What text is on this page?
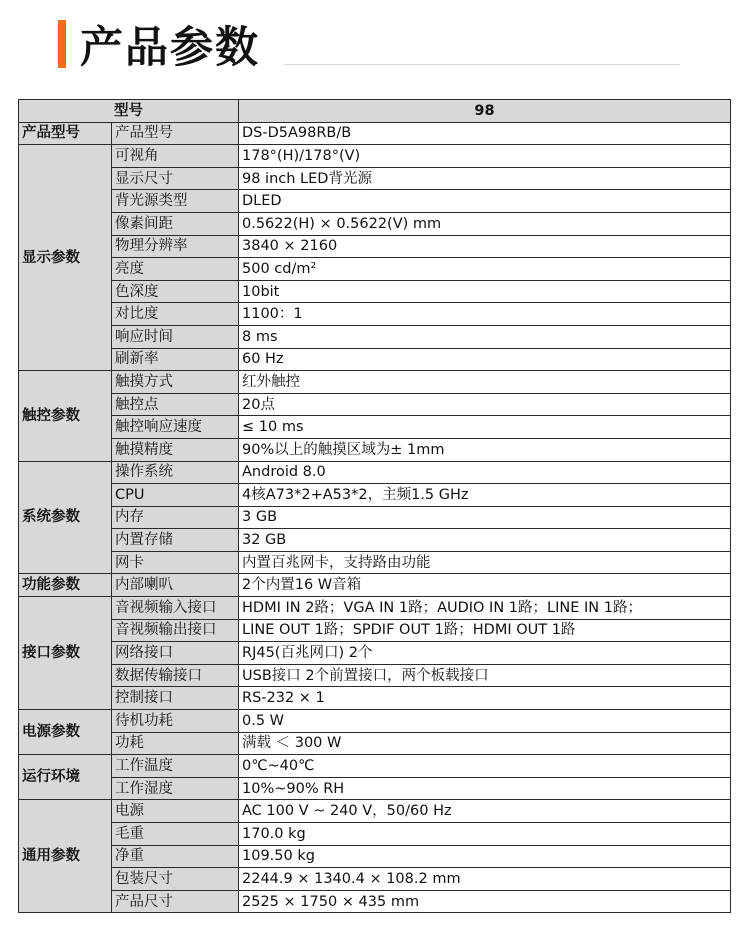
产品参数
型号		98
产品型号	产品型号	DS-D5A98RB/B
显示参数	可视角	178°(H)/178°(V)
	显示尺寸	98 inch LED背光源
	背光源类型	DLED
	像素间距	0.5622(H) × 0.5622(V) mm
	物理分辨率	3840 × 2160
	亮度	500 cd/m²
	色深度	10bit
	对比度	1100：1
	响应时间	8 ms
	刷新率	60 Hz
触控参数	触摸方式	红外触控
	触控点	20点
	触控响应速度	≤ 10 ms
	触摸精度	90%以上的触摸区域为± 1mm
系统参数	操作系统	Android 8.0
	CPU	4核A73*2+A53*2，主频1.5 GHz
	内存	3 GB
	内置存储	32 GB
	网卡	内置百兆网卡，支持路由功能
功能参数	内部喇叭	2个内置16 W音箱
接口参数	音视频输入接口	HDMI IN 2路；VGA IN 1路；AUDIO IN 1路；LINE IN 1路；
	音视频输出接口	LINE OUT 1路；SPDIF OUT 1路；HDMI OUT 1路
	网络接口	RJ45(百兆网口) 2个
	数据传输接口	USB接口 2个前置接口，两个板载接口
	控制接口	RS-232 × 1
电源参数	待机功耗	0.5 W
	功耗	满载 ＜ 300 W
运行环境	工作温度	0℃~40℃
	工作湿度	10%~90% RH
通用参数	电源	AC 100 V ~ 240 V，50/60 Hz
	毛重	170.0 kg
	净重	109.50 kg
	包装尺寸	2244.9 × 1340.4 × 108.2 mm
	产品尺寸	2525 × 1750 × 435 mm
